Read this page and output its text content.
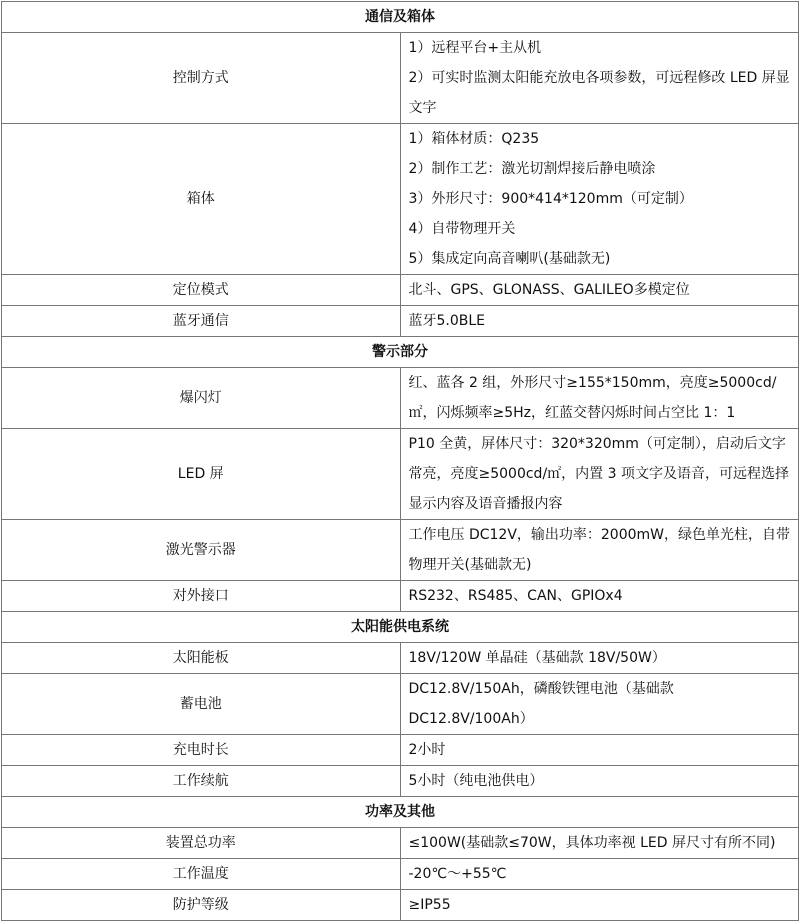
通信及箱体	
控制方式	1）远程平台+主从机
2）可实时监测太阳能充放电各项参数，可远程修改 LED 屏显文字

箱体	1）箱体材质：Q235
2）制作工艺：激光切割焊接后静电喷涂
3）外形尺寸：900*414*120mm（可定制）
4）自带物理开关
5）集成定向高音喇叭(基础款无)

定位模式	北斗、GPS、GLONASS、GALILEO多模定位

蓝牙通信	蓝牙5.0BLE

警示部分	
爆闪灯	红、蓝各 2 组，外形尺寸≥155*150mm，亮度≥5000cd/㎡，闪烁频率≥5Hz，红蓝交替闪烁时间占空比 1：1

LED 屏	P10 全黄，屏体尺寸：320*320mm（可定制），启动后文字常亮，亮度≥5000cd/㎡，内置 3 项文字及语音，可远程选择显示内容及语音播报内容

激光警示器	工作电压 DC12V，输出功率：2000mW，绿色单光柱，自带物理开关(基础款无)

对外接口	RS232、RS485、CAN、GPIOx4

太阳能供电系统	
太阳能板	18V/120W 单晶硅（基础款 18V/50W）

蓄电池	DC12.8V/150Ah，磷酸铁锂电池（基础款 DC12.8V/100Ah）

充电时长	2小时

工作续航	5小时（纯电池供电）

功率及其他	
装置总功率	≤100W(基础款≤70W，具体功率视 LED 屏尺寸有所不同)

工作温度	-20℃～+55℃

防护等级	≥IP55
